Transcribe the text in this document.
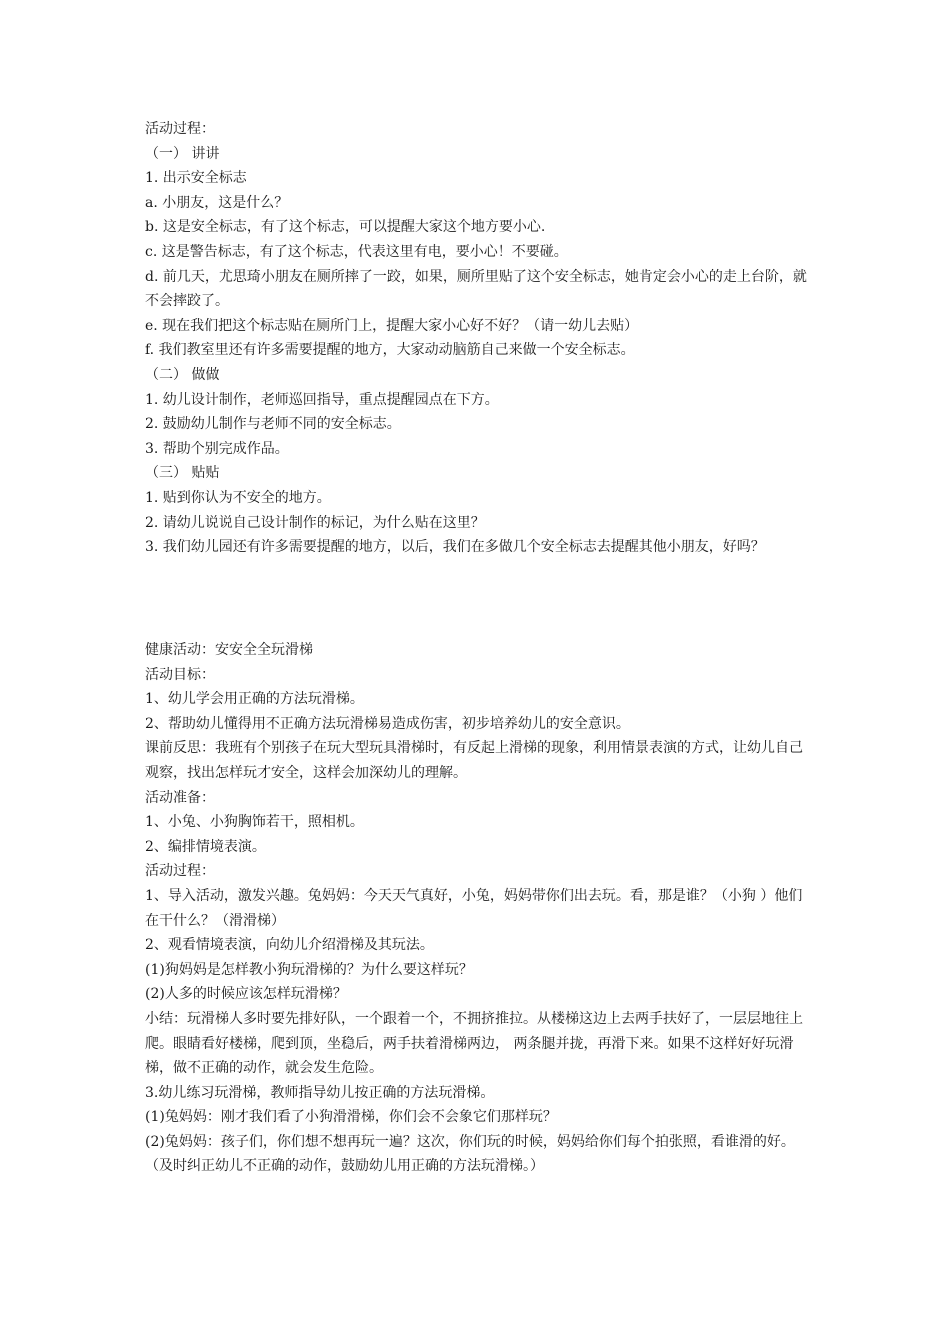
活动过程：
（一） 讲讲
1. 出示安全标志
a. 小朋友，这是什么？
b. 这是安全标志，有了这个标志，可以提醒大家这个地方要小心.
c. 这是警告标志，有了这个标志，代表这里有电，要小心！不要碰。
d. 前几天，尤思琦小朋友在厕所摔了一跤，如果，厕所里贴了这个安全标志，她肯定会小心的走上台阶，就不会摔跤了。
e. 现在我们把这个标志贴在厕所门上，提醒大家小心好不好？（请一幼儿去贴）
f. 我们教室里还有许多需要提醒的地方，大家动动脑筋自己来做一个安全标志。
（二） 做做
1. 幼儿设计制作，老师巡回指导，重点提醒园点在下方。
2. 鼓励幼儿制作与老师不同的安全标志。
3. 帮助个别完成作品。
（三） 贴贴
1. 贴到你认为不安全的地方。
2. 请幼儿说说自己设计制作的标记，为什么贴在这里？
3. 我们幼儿园还有许多需要提醒的地方，以后，我们在多做几个安全标志去提醒其他小朋友，好吗？
健康活动：安安全全玩滑梯
活动目标：
1、幼儿学会用正确的方法玩滑梯。
2、帮助幼儿懂得用不正确方法玩滑梯易造成伤害，初步培养幼儿的安全意识。
课前反思：我班有个别孩子在玩大型玩具滑梯时，有反起上滑梯的现象，利用情景表演的方式，让幼儿自己观察，找出怎样玩才安全，这样会加深幼儿的理解。
活动准备：
1、小兔、小狗胸饰若干，照相机。
2、编排情境表演。
活动过程：
1、导入活动，激发兴趣。兔妈妈：今天天气真好，小兔，妈妈带你们出去玩。看，那是谁？（小狗 ）他们在干什么？（滑滑梯）
2、观看情境表演，向幼儿介绍滑梯及其玩法。
(1)狗妈妈是怎样教小狗玩滑梯的？为什么要这样玩？
(2)人多的时候应该怎样玩滑梯？
小结：玩滑梯人多时要先排好队，一个跟着一个，不拥挤推拉。从楼梯这边上去两手扶好了，一层层地往上爬。眼睛看好楼梯，爬到顶，坐稳后，两手扶着滑梯两边， 两条腿并拢，再滑下来。如果不这样好好玩滑梯，做不正确的动作，就会发生危险。
3.幼儿练习玩滑梯，教师指导幼儿按正确的方法玩滑梯。
(1)兔妈妈：刚才我们看了小狗滑滑梯，你们会不会象它们那样玩？
(2)兔妈妈：孩子们，你们想不想再玩一遍？这次，你们玩的时候，妈妈给你们每个拍张照，看谁滑的好。（及时纠正幼儿不正确的动作，鼓励幼儿用正确的方法玩滑梯。）
